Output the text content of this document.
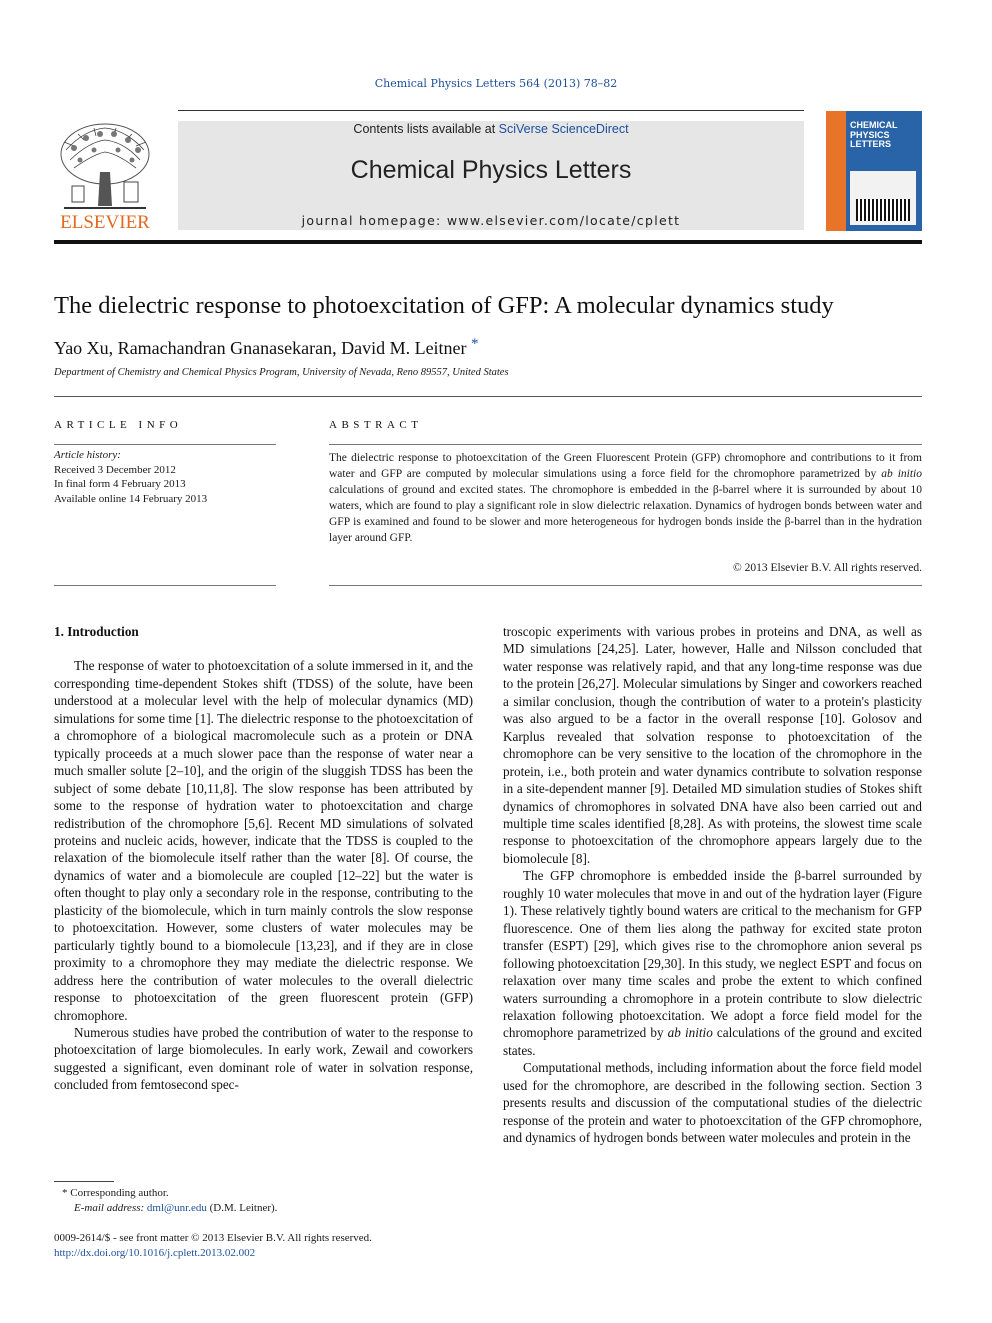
Chemical Physics Letters 564 (2013) 78–82
ELSEVIER
Contents lists available at SciVerse ScienceDirect
Chemical Physics Letters
journal homepage: www.elsevier.com/locate/cplett
CHEMICAL
PHYSICS
LETTERS
The dielectric response to photoexcitation of GFP: A molecular dynamics study
Yao Xu, Ramachandran Gnanasekaran, David M. Leitner *
Department of Chemistry and Chemical Physics Program, University of Nevada, Reno 89557, United States
ARTICLE INFO	ABSTRACT
Article history:
Received 3 December 2012
In final form 4 February 2013
Available online 14 February 2013
The dielectric response to photoexcitation of the Green Fluorescent Protein (GFP) chromophore and contributions to it from water and GFP are computed by molecular simulations using a force field for the chromophore parametrized by ab initio calculations of ground and excited states. The chromophore is embedded in the β-barrel where it is surrounded by about 10 waters, which are found to play a significant role in slow dielectric relaxation. Dynamics of hydrogen bonds between water and GFP is examined and found to be slower and more heterogeneous for hydrogen bonds inside the β-barrel than in the hydration layer around GFP.
© 2013 Elsevier B.V. All rights reserved.
1. Introduction

The response of water to photoexcitation of a solute immersed in it, and the corresponding time-dependent Stokes shift (TDSS) of the solute, have been understood at a molecular level with the help of molecular dynamics (MD) simulations for some time [1]. The dielectric response to the photoexcitation of a chromophore of a biological macromolecule such as a protein or DNA typically proceeds at a much slower pace than the response of water near a much smaller solute [2–10], and the origin of the sluggish TDSS has been the subject of some debate [10,11,8]. The slow response has been attributed by some to the response of hydration water to photoexcitation and charge redistribution of the chromophore [5,6]. Recent MD simulations of solvated proteins and nucleic acids, however, indicate that the TDSS is coupled to the relaxation of the biomolecule itself rather than the water [8]. Of course, the dynamics of water and a biomolecule are coupled [12–22] but the water is often thought to play only a secondary role in the response, contributing to the plasticity of the biomolecule, which in turn mainly controls the slow response to photoexcitation. However, some clusters of water molecules may be particularly tightly bound to a biomolecule [13,23], and if they are in close proximity to a chromophore they may mediate the dielectric response. We address here the contribution of water molecules to the overall dielectric response to photoexcitation of the green fluorescent protein (GFP) chromophore.

Numerous studies have probed the contribution of water to the response to photoexcitation of large biomolecules. In early work, Zewail and coworkers suggested a significant, even dominant role of water in solvation response, concluded from femtosecond spec-

troscopic experiments with various probes in proteins and DNA, as well as MD simulations [24,25]. Later, however, Halle and Nilsson concluded that water response was relatively rapid, and that any long-time response was due to the protein [26,27]. Molecular simulations by Singer and coworkers reached a similar conclusion, though the contribution of water to a protein's plasticity was also argued to be a factor in the overall response [10]. Golosov and Karplus revealed that solvation response to photoexcitation of the chromophore can be very sensitive to the location of the chromophore in the protein, i.e., both protein and water dynamics contribute to solvation response in a site-dependent manner [9]. Detailed MD simulation studies of Stokes shift dynamics of chromophores in solvated DNA have also been carried out and multiple time scales identified [8,28]. As with proteins, the slowest time scale response to photoexcitation of the chromophore appears largely due to the biomolecule [8].

The GFP chromophore is embedded inside the β-barrel surrounded by roughly 10 water molecules that move in and out of the hydration layer (Figure 1). These relatively tightly bound waters are critical to the mechanism for GFP fluorescence. One of them lies along the pathway for excited state proton transfer (ESPT) [29], which gives rise to the chromophore anion several ps following photoexcitation [29,30]. In this study, we neglect ESPT and focus on relaxation over many time scales and probe the extent to which confined waters surrounding a chromophore in a protein contribute to slow dielectric relaxation following photoexcitation. We adopt a force field model for the chromophore parametrized by ab initio calculations of the ground and excited states.

Computational methods, including information about the force field model used for the chromophore, are described in the following section. Section 3 presents results and discussion of the computational studies of the dielectric response of the protein and water to photoexcitation of the GFP chromophore, and dynamics of hydrogen bonds between water molecules and protein in the

* Corresponding author.
E-mail address: dml@unr.edu (D.M. Leitner).
0009-2614/$ - see front matter © 2013 Elsevier B.V. All rights reserved.
http://dx.doi.org/10.1016/j.cplett.2013.02.002
